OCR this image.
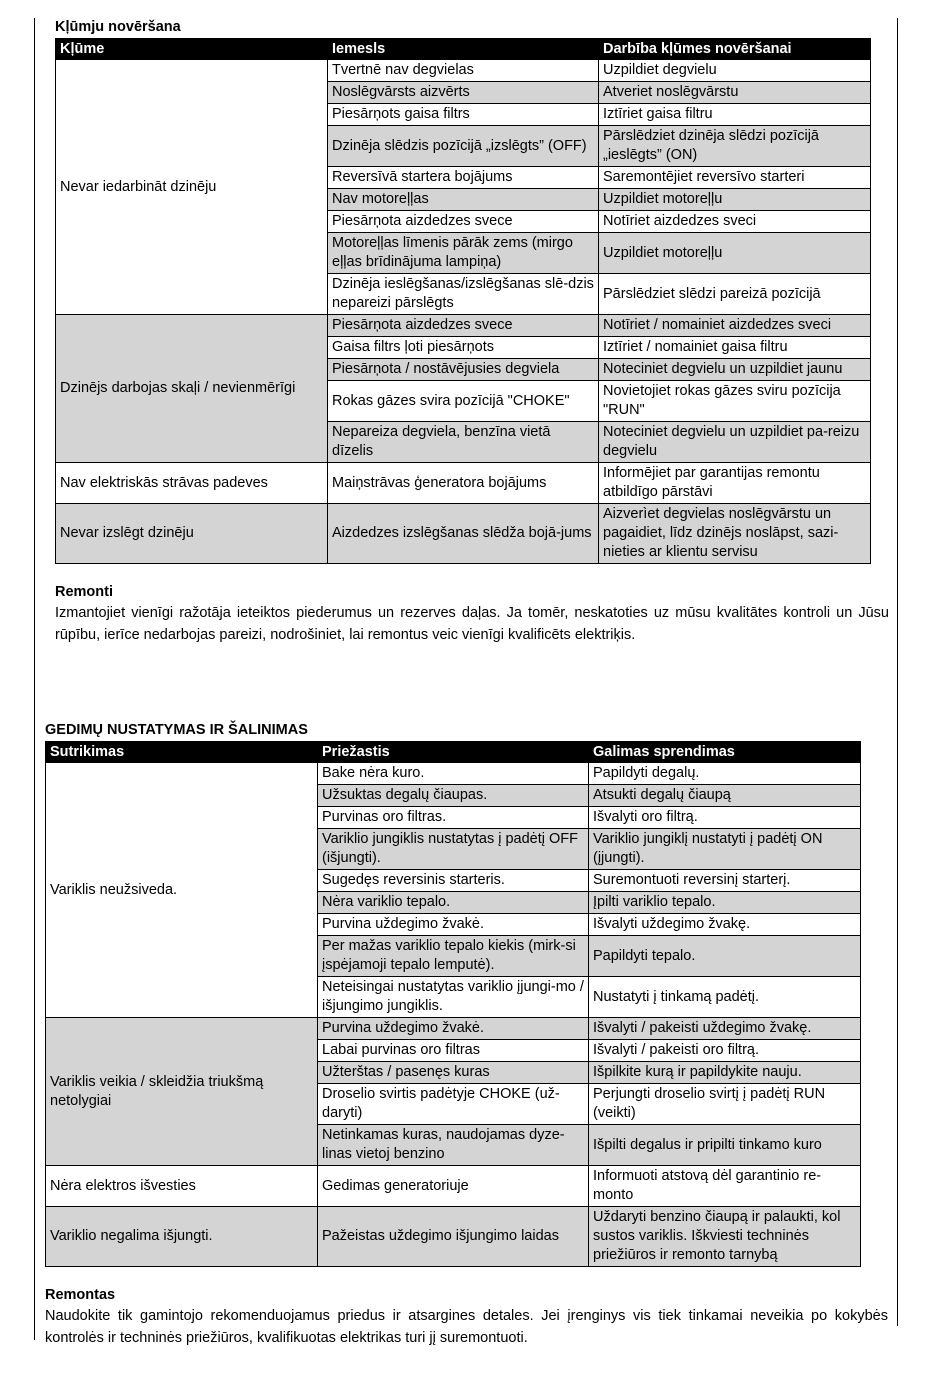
Kļūmju novēršana
Kļūme	Iemesls	Darbība kļūmes novēršanai
Nevar iedarbināt dzinēju	Tvertnē nav degvielas	Uzpildiet degvielu
	Noslēgvārsts aizvērts	Atveriet noslēgvārstu
	Piesārņots gaisa filtrs	Iztīriet gaisa filtru
	Dzinēja slēdzis pozīcijā „izslēgts” (OFF)	Pārslēdziet dzinēja slēdzi pozīcijā „ieslēgts” (ON)
	Reversīvā startera bojājums	Saremontējiet reversīvo starteri
	Nav motoreļļas	Uzpildiet motoreļļu
	Piesārņota aizdedzes svece	Notīriet aizdedzes sveci
	Motoreļļas līmenis pārāk zems (mirgo eļļas brīdinājuma lampiņa)	Uzpildiet motoreļļu
	Dzinēja ieslēgšanas/izslēgšanas slē-dzis nepareizi pārslēgts	Pārslēdziet slēdzi pareizā pozīcijā
Dzinējs darbojas skaļi / nevienmērīgi	Piesārņota aizdedzes svece	Notīriet / nomainiet aizdedzes sveci
	Gaisa filtrs ļoti piesārņots	Iztīriet / nomainiet gaisa filtru
	Piesārņota / nostāvējusies degviela	Noteciniet degvielu un uzpildiet jaunu
	Rokas gāzes svira pozīcijā "CHOKE"	Novietojiet rokas gāzes sviru pozīcija "RUN"
	Nepareiza degviela, benzīna vietā dīzelis	Noteciniet degvielu un uzpildiet pa-reizu degvielu
Nav elektriskās strāvas padeves	Maiņstrāvas ģeneratora bojājums	Informējiet par garantijas remontu atbildīgo pārstāvi
Nevar izslēgt dzinēju	Aizdedzes izslēgšanas slēdža bojā-jums	Aizverìet degvielas noslēgvārstu un pagaidiet, līdz dzinējs noslāpst, sazi-nieties ar klientu servisu
Remonti
Izmantojiet vienīgi ražotāja ieteiktos piederumus un rezerves daļas. Ja tomēr, neskatoties uz mūsu kvalitātes kontroli un Jūsu rūpību, ierīce nedarbojas pareizi, nodrošiniet, lai remontus veic vienīgi kvalificēts elektriķis.
GEDIMŲ NUSTATYMAS IR ŠALINIMAS
Sutrikimas	Priežastis	Galimas sprendimas
Variklis neužsiveda.	Bake nėra kuro.	Papildyti degalų.
	Užsuktas degalų čiaupas.	Atsukti degalų čiaupą
	Purvinas oro filtras.	Išvalyti oro filtrą.
	Variklio jungiklis nustatytas į padėtį OFF (išjungti).	Variklio jungiklį nustatyti į padėtį ON (įjungti).
	Sugedęs reversinis starteris.	Suremontuoti reversinį starterį.
	Nėra variklio tepalo.	Įpilti variklio tepalo.
	Purvina uždegimo žvakė.	Išvalyti uždegimo žvakę.
	Per mažas variklio tepalo kiekis (mirk-si įspėjamoji tepalo lemputė).	Papildyti tepalo.
	Neteisingai nustatytas variklio įjungi-mo / išjungimo jungiklis.	Nustatyti į tinkamą padėtį.
Variklis veikia / skleidžia triukšmą netolygiai	Purvina uždegimo žvakė.	Išvalyti / pakeisti uždegimo žvakę.
	Labai purvinas oro filtras	Išvalyti / pakeisti oro filtrą.
	Užterštas / pasenęs kuras	Išpilkite kurą ir papildykite nauju.
	Droselio svirtis padėtyje CHOKE (už-daryti)	Perjungti droselio svirtį į padėtį RUN (veikti)
	Netinkamas kuras, naudojamas dyze-linas vietoj benzino	Išpilti degalus ir pripilti tinkamo kuro
Nėra elektros išvesties	Gedimas generatoriuje	Informuoti atstovą dėl garantinio re-monto
Variklio negalima išjungti.	Pažeistas uždegimo išjungimo laidas	Uždaryti benzino čiaupą ir palaukti, kol sustos variklis. Iškviesti techninės priežiūros ir remonto tarnybą
Remontas
Naudokite tik gamintojo rekomenduojamus priedus ir atsargines detales. Jei įrenginys vis tiek tinkamai neveikia po kokybės kontrolės ir techninės priežiūros, kvalifikuotas elektrikas turi jį suremontuoti.
